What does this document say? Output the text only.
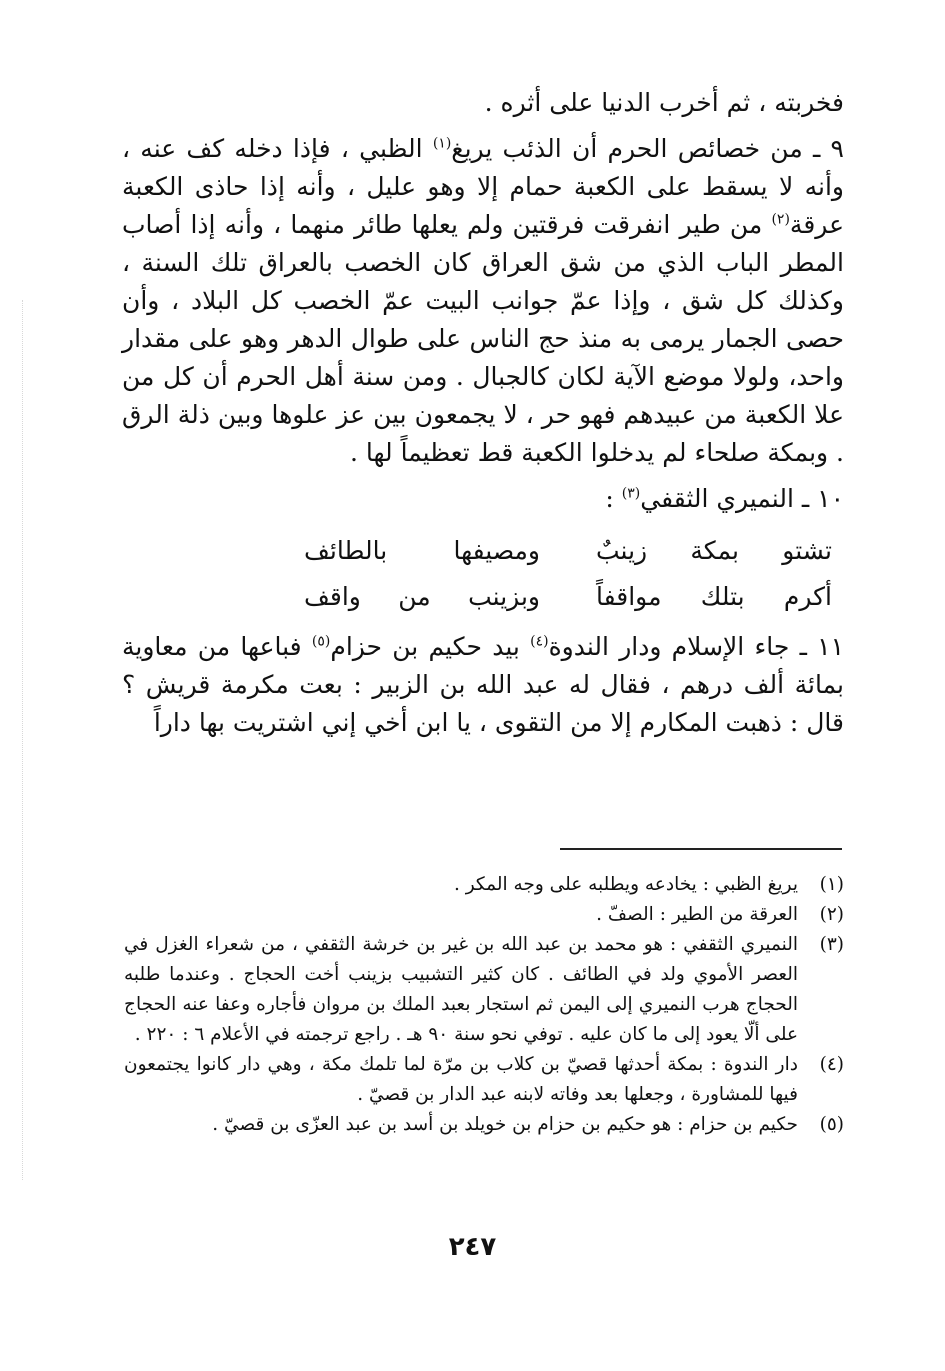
فخربته ، ثم أخرب الدنيا على أثره .

٩ ـ من خصائص الحرم أن الذئب يريغ$^{(١)}$ الظبي ، فإذا دخله كف عنه ، وأنه لا يسقط على الكعبة حمام إلا وهو عليل ، وأنه إذا حاذى الكعبة عرقة$^{(٢)}$ من طير انفرقت فرقتين ولم يعلها طائر منهما ، وأنه إذا أصاب المطر الباب الذي من شق العراق كان الخصب بالعراق تلك السنة ، وكذلك كل شق ، وإذا عمّ جوانب البيت عمّ الخصب كل البلاد ، وأن حصى الجمار يرمى به منذ حج الناس على طوال الدهر وهو على مقدار واحد، ولولا موضع الآية لكان كالجبال . ومن سنة أهل الحرم أن كل من علا الكعبة من عبيدهم فهو حر ، لا يجمعون بين عز علوها وبين ذلة الرق . وبمكة صلحاء لم يدخلوا الكعبة قط تعظيماً لها .

١٠ ـ النميري الثقفي$^{(٣)}$ :

تشتو بمكة زينبٌ
ومصيفها بالطائف
أكرم بتلك مواقفاً
وبزينب من واقف

١١ ـ جاء الإسلام ودار الندوة$^{(٤)}$ بيد حكيم بن حزام$^{(٥)}$ فباعها من معاوية بمائة ألف درهم ، فقال له عبد الله بن الزبير : بعت مكرمة قريش ؟ قال : ذهبت المكارم إلا من التقوى ، يا ابن أخي إني اشتريت بها داراً

(١)يريغ الظبي : يخادعه ويطلبه على وجه المكر .

(٢)العرقة من الطير : الصفّ .

(٣)النميري الثقفي : هو محمد بن عبد الله بن غير بن خرشة الثقفي ، من شعراء الغزل في العصر الأموي ولد في الطائف . كان كثير التشبيب بزينب أخت الحجاج . وعندما طلبه الحجاج هرب النميري إلى اليمن ثم استجار بعبد الملك بن مروان فأجاره وعفا عنه الحجاج على ألّا يعود إلى ما كان عليه . توفي نحو سنة ٩٠ هـ . راجع ترجمته في الأعلام ٦ : ٢٢٠ .

(٤)دار الندوة : بمكة أحدثها قصيّ بن كلاب بن مرّة لما تلمك مكة ، وهي دار كانوا يجتمعون فيها للمشاورة ، وجعلها بعد وفاته لابنه عبد الدار بن قصيّ .

(٥)حكيم بن حزام : هو حكيم بن حزام بن خويلد بن أسد بن عبد العزّى بن قصيّ .

٢٤٧
